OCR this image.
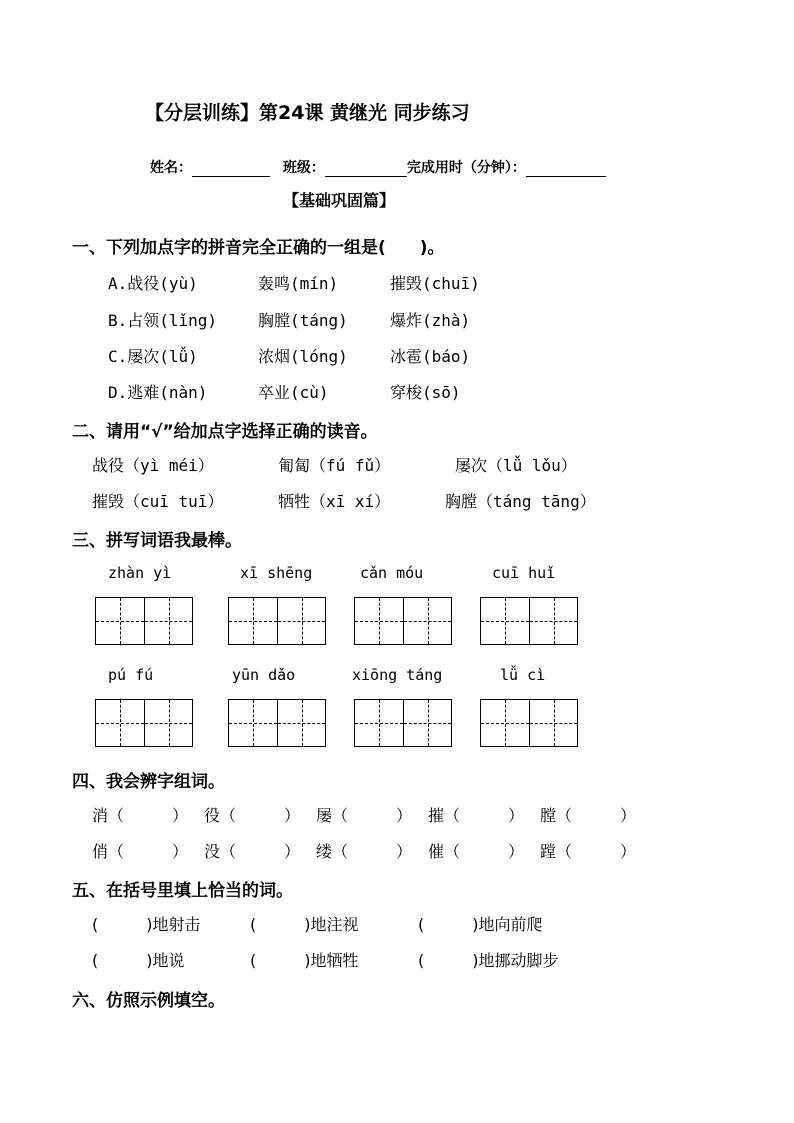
【分层训练】第24课 黄继光 同步练习
姓名：	班级：	完成用时（分钟）：
【基础巩固篇】
一、下列加点字的拼音完全正确的一组是(　　)。
A.战役(yù)	轰鸣(mín)	摧毁(chuī)
B.占领(lǐng)	胸膛(táng)	爆炸(zhà)
C.屡次(lǚ)	浓烟(lóng)	冰雹(báo)
D.逃难(nàn)	卒业(cù)	穿梭(sō)
二、请用“√”给加点字选择正确的读音。
战役（yì méi）	匍匐（fú fǔ）	屡次（lǚ lǒu）
摧毁（cuī tuī）	牺牲（xī xí）	胸膛（táng tāng）
三、拼写词语我最棒。
zhàn yì	xī shēng	cǎn móu	cuī huǐ
pú fú	yūn dǎo	xiōng táng	lǚ cì
四、我会辨字组词。
消（　　　） 役（　　　） 屡（　　　） 摧（　　　） 膛（　　　）
俏（　　　） 没（　　　） 缕（　　　） 催（　　　） 蹚（　　　）
五、在括号里填上恰当的词。
(　　　)地射击	(　　　)地注视	(　　　)地向前爬
(　　　)地说	(　　　)地牺牲	(　　　)地挪动脚步
六、仿照示例填空。
